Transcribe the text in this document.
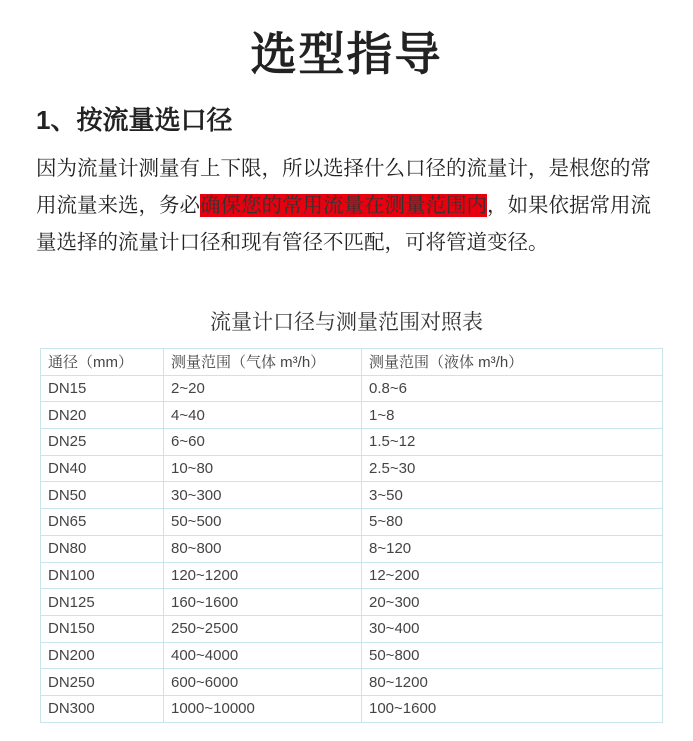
选型指导
1、按流量选口径
因为流量计测量有上下限，所以选择什么口径的流量计，是根您的常用流量来选，务必确保您的常用流量在测量范围内，如果依据常用流量选择的流量计口径和现有管径不匹配，可将管道变径。
流量计口径与测量范围对照表
通径（mm）	测量范围（气体 m³/h）	测量范围（液体 m³/h）
DN15	2~20	0.8~6
DN20	4~40	1~8
DN25	6~60	1.5~12
DN40	10~80	2.5~30
DN50	30~300	3~50
DN65	50~500	5~80
DN80	80~800	8~120
DN100	120~1200	12~200
DN125	160~1600	20~300
DN150	250~2500	30~400
DN200	400~4000	50~800
DN250	600~6000	80~1200
DN300	1000~10000	100~1600
